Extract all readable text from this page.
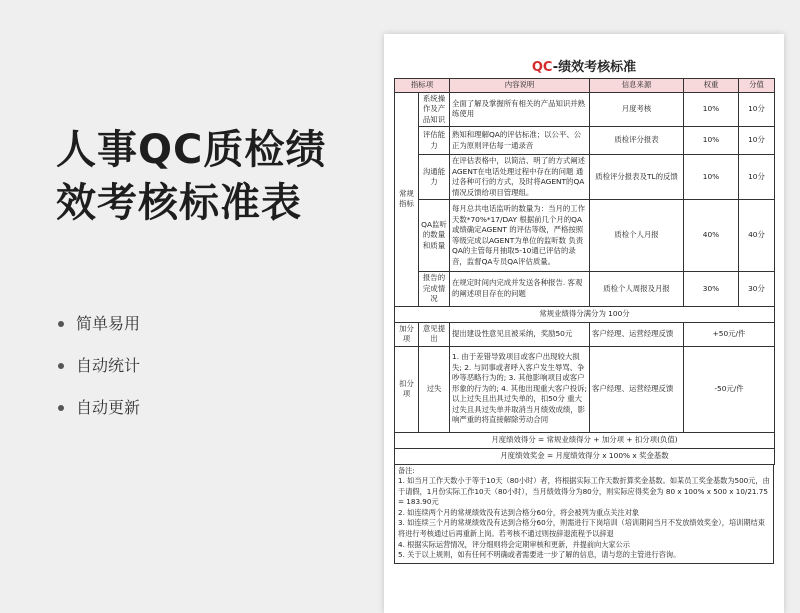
人事QC质检绩
效考核标准表
简单易用
自动统计
自动更新
QC-绩效考核标准
指标项		内容说明	信息来源	权重	分值
常规指标	系统操作及产品知识	全面了解及掌握所有相关的产品知识并熟练使用	月度考核	10%	10分
	评估能力	熟知和理解QA的评估标准；以公平、公正为原则评估每一通录音	质检评分报表	10%	10分
	沟通能力	在评估表格中，以简洁、明了的方式阐述AGENT在电话处理过程中存在的问题 通过各种可行的方式，及时将AGENT的QA情况反馈给项目管理组。	质检评分报表及TL的反馈	10%	10分
	QA监听的数量和质量	每月总共电话监听的数量为：当月的工作天数*70%*17/DAY 根据前几个月的QA或绩确定AGENT 的评估等级，严格按照等级完成以AGENT为单位的监听数 负责QA的主管每月抽取5-10通已评估的录音，监督QA专员QA评估质量。	质检个人月报	40%	40分
	报告的完成情况	在规定时间内完成并发送各种报告. 客观的阐述项目存在的问题	质检个人周报及月报	30%	30分
常规业绩得分满分为 100分					
加分项	意见提出	提出建设性意见且被采纳，奖励50元	客户经理、运营经理反馈	+50元/件	
扣分项	过失	1. 由于差错导致项目或客户出现较大损失; 2. 与同事或者呼入客户发生辱骂、争吵等恶略行为的; 3. 其他影响项目或客户形象的行为的; 4. 其他出现重大客户投诉; 以上过失且出具过失单的，扣50分 重大过失且具过失单并取消当月绩效成绩，影响严重的将直接解除劳动合同	客户经理、运营经理反馈	-50元/件	
月度绩效得分 = 常规业绩得分 + 加分项 + 扣分项(负值)					
月度绩效奖金 = 月度绩效得分 x 100% x 奖金基数					
备注:
1. 如当月工作天数小于等于10天（80小时）者，将根据实际工作天数折算奖金基数。如某员工奖金基数为500元，由于请假，1月份实际工作10天（80小时），当月绩效得分为80分，则实际应得奖金为 80 x 100% x 500 x 10/21.75 = 183.90元
2. 如连续两个月的常规绩效没有达到合格分60分，将会被列为重点关注对象
3. 如连续三个月的常规绩效没有达到合格分60分，则需进行下岗培训（培训期间当月不发放绩效奖金），培训期结束将进行考核通过后再重新上岗。若考核不通过则按辞退流程予以辞退
4. 根据实际运营情况，评分细则将会定期审核和更新，并提前向大家公示
5. 关于以上规则，如有任何不明确或者需要进一步了解的信息，请与您的主管进行咨询。
